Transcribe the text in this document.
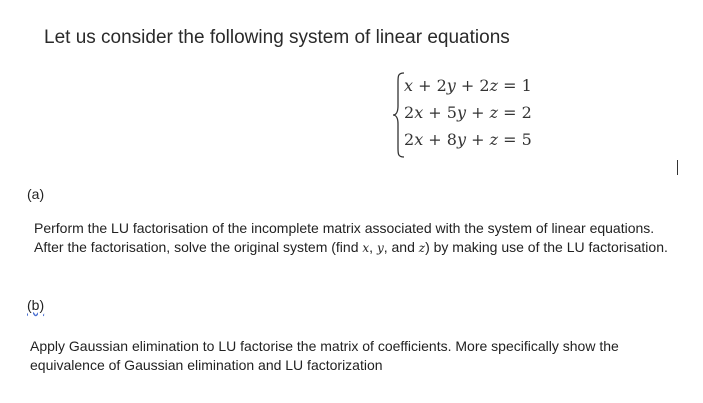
Let us consider the following system of linear equations
x + 2y + 2z = 1
2x + 5y + z = 2
2x + 8y + z = 5
(a)
Perform the LU factorisation of the incomplete matrix associated with the system of linear equations. After the factorisation, solve the original system (find x, y, and z) by making use of the LU factorisation.
(b)
Apply Gaussian elimination to LU factorise the matrix of coefficients. More specifically show the equivalence of Gaussian elimination and LU factorization
